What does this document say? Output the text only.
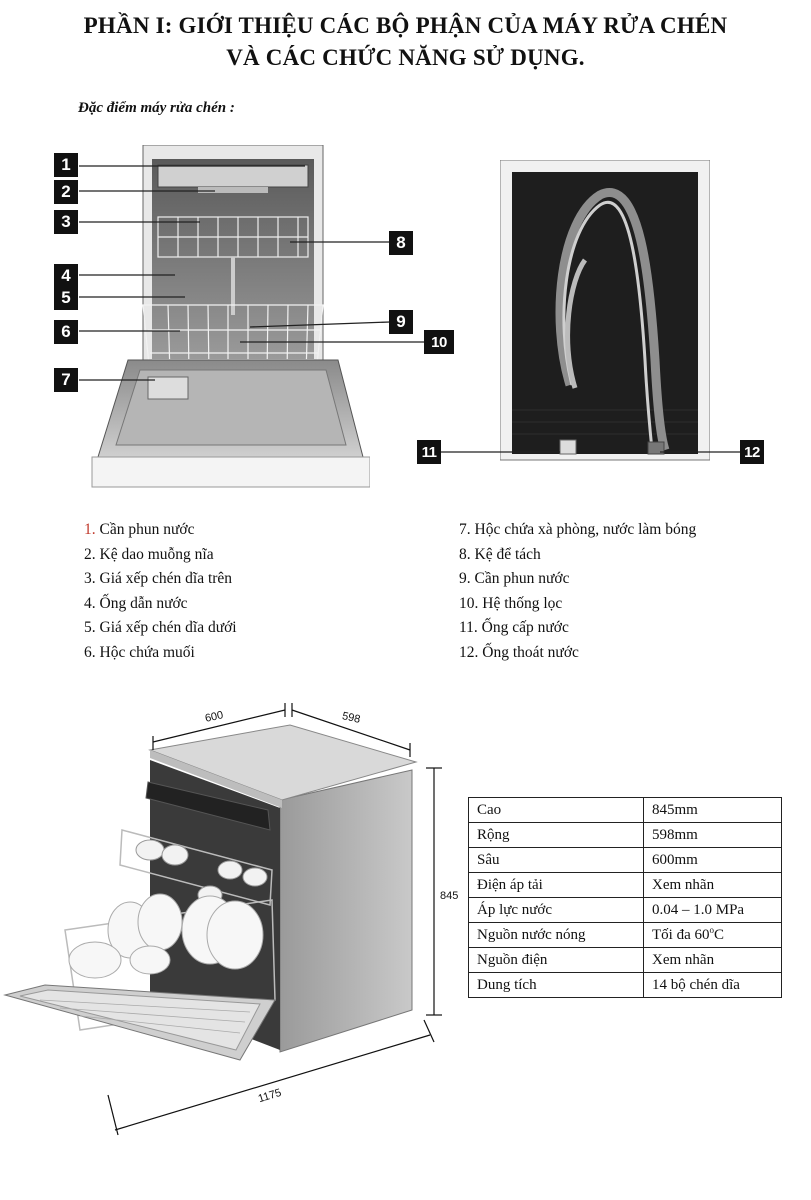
PHẦN I: GIỚI THIỆU CÁC BỘ PHẬN CỦA MÁY RỬA CHÉN
VÀ CÁC CHỨC NĂNG SỬ DỤNG.
Đặc điểm máy rửa chén :
1
2
3
4
5
6
7
8
9
10
11	12
1. Cần phun nước
2. Kệ dao muỗng nĩa
3. Giá xếp chén dĩa trên
4. Ống dẫn nước
5. Giá xếp chén dĩa dưới
6. Hộc chứa muối
7. Hộc chứa xà phòng, nước làm bóng
8. Kệ để tách
9. Cần phun nước
10. Hệ thống lọc
11. Ống cấp nước
12. Ống thoát nước
600	598
845
1175
Cao	845mm
Rộng	598mm
Sâu	600mm
Điện áp tải	Xem nhãn
Áp lực nước	0.04 – 1.0 MPa
Nguồn nước nóng	Tối đa 60$^o$C
Nguồn điện	Xem nhãn
Dung tích	14 bộ chén dĩa
